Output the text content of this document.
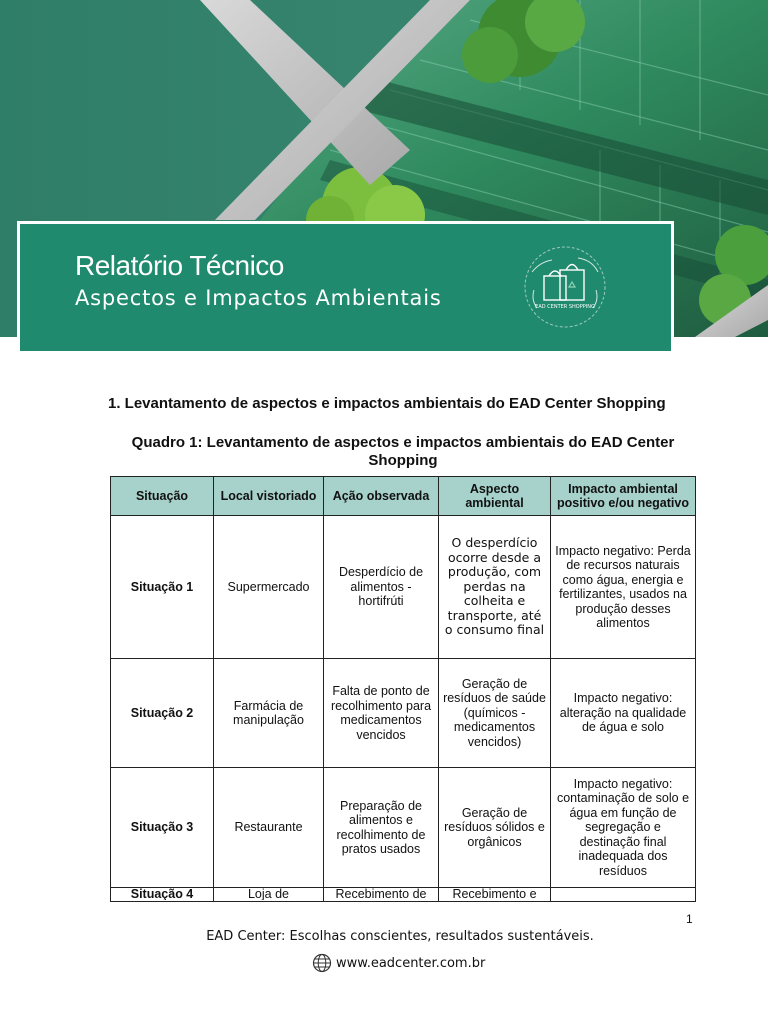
Relatório Técnico
Aspectos e Impactos Ambientais	EAD CENTER SHOPPING
1. Levantamento de aspectos e impactos ambientais do EAD Center Shopping
Quadro 1: Levantamento de aspectos e impactos ambientais do EAD Center Shopping
Situação	Local vistoriado	Ação observada	Aspecto ambiental	Impacto ambiental positivo e/ou negativo
Situação 1	Supermercado	Desperdício de alimentos - hortifrúti	O desperdício ocorre desde a produção, com perdas na colheita e transporte, até o consumo final	Impacto negativo: Perda de recursos naturais como água, energia e fertilizantes, usados na produção desses alimentos
Situação 2	Farmácia de manipulação	Falta de ponto de recolhimento para medicamentos vencidos	Geração de resíduos de saúde (químicos - medicamentos vencidos)	Impacto negativo: alteração na qualidade de água e solo
Situação 3	Restaurante	Preparação de alimentos e recolhimento de pratos usados	Geração de resíduos sólidos e orgânicos	Impacto negativo: contaminação de solo e água em função de segregação e destinação final inadequada dos resíduos

Situação 4	Loja de	Recebimento de	Recebimento e	

1
EAD Center: Escolhas conscientes, resultados sustentáveis.
www.eadcenter.com.br
